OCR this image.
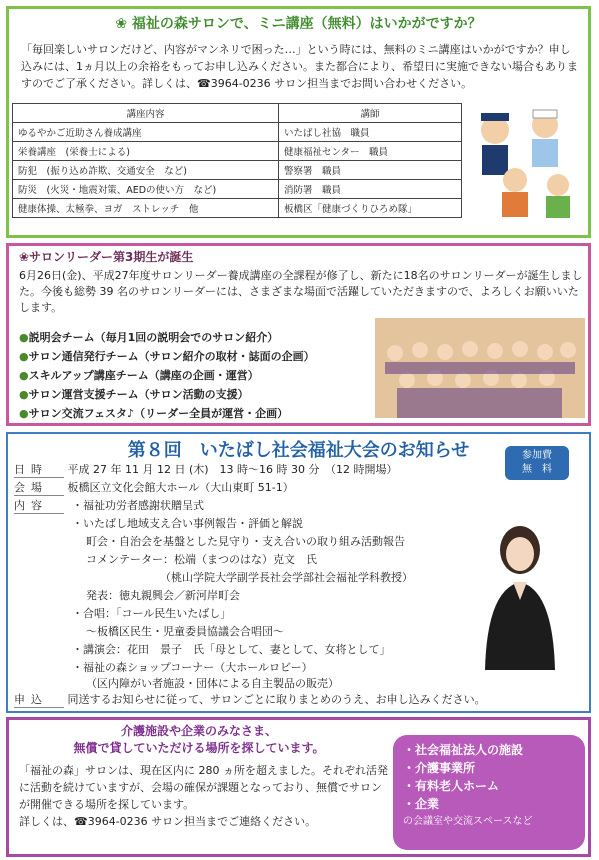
❀ 福祉の森サロンで、ミニ講座（無料）はいかがですか？
「毎回楽しいサロンだけど、内容がマンネリで困った…」という時には、無料のミニ講座はいかがですか？申し込みには、1ヵ月以上の余裕をもってお申し込みください。また都合により、希望日に実施できない場合もありますのでご了承ください。詳しくは、☎3964-0236 サロン担当までお問い合わせください。
講座内容	講師
ゆるやかご近助さん養成講座	いたばし社協　職員
栄養講座　(栄養士による)	健康福祉センター　職員
防犯　(振り込め詐欺、交通安全　など)	警察署　職員
防災　(火災・地震対策、AEDの使い方　など)	消防署　職員
健康体操、太極拳、ヨガ　ストレッチ　他	板橋区「健康づくりひろめ隊」
❀サロンリーダー第3期生が誕生
6月26日(金)、平成27年度サロンリーダー養成講座の全課程が修了し、新たに18名のサロンリーダーが誕生しました。今後も総勢 39 名のサロンリーダーには、さまざまな場面で活躍していただきますので、よろしくお願いいたします。
●説明会チーム（毎月1回の説明会でのサロン紹介）
●サロン通信発行チーム（サロン紹介の取材・誌面の企画）
●スキルアップ講座チーム（講座の企画・運営）
●サロン運営支援チーム（サロン活動の支援）
●サロン交流フェスタ♪（リーダー全員が運営・企画）
第８回　いたばし社会福祉大会のお知らせ	参加費
無　料
日時 平成 27 年 11 月 12 日 (木)　13 時～16 時 30 分　（12 時開場）
会場 板橋区立文化会館大ホール（大山東町 51-1）
内容	・福祉功労者感謝状贈呈式
・いたばし地域支え合い事例報告・評価と解説
町会・自治会を基盤とした見守り・支え合いの取り組み活動報告
コメンテーター：松端（まつのはな）克文　氏
（桃山学院大学副学長社会学部社会福祉学科教授）
発表：徳丸親興会／新河岸町会
・合唱：「コール民生いたばし」
～板橋区民生・児童委員協議会合唱団～
・講演会：花田　景子　氏「母として、妻として、女将として」
・福祉の森ショップコーナー（大ホールロビー）
（区内障がい者施設・団体による自主製品の販売）
申込 同送するお知らせに従って、サロンごとに取りまとめのうえ、お申し込みください。
介護施設や企業のみなさま、
無償で貸していただける場所を探しています。
「福祉の森」サロンは、現在区内に 280 ヵ所を超えました。それぞれ活発に活動を続けていますが、会場の確保が課題となっており、無償でサロンが開催できる場所を探しています。
詳しくは、☎3964-0236 サロン担当までご連絡ください。
・社会福祉法人の施設
・介護事業所
・有料老人ホーム
・企業
の会議室や交流スペースなど
